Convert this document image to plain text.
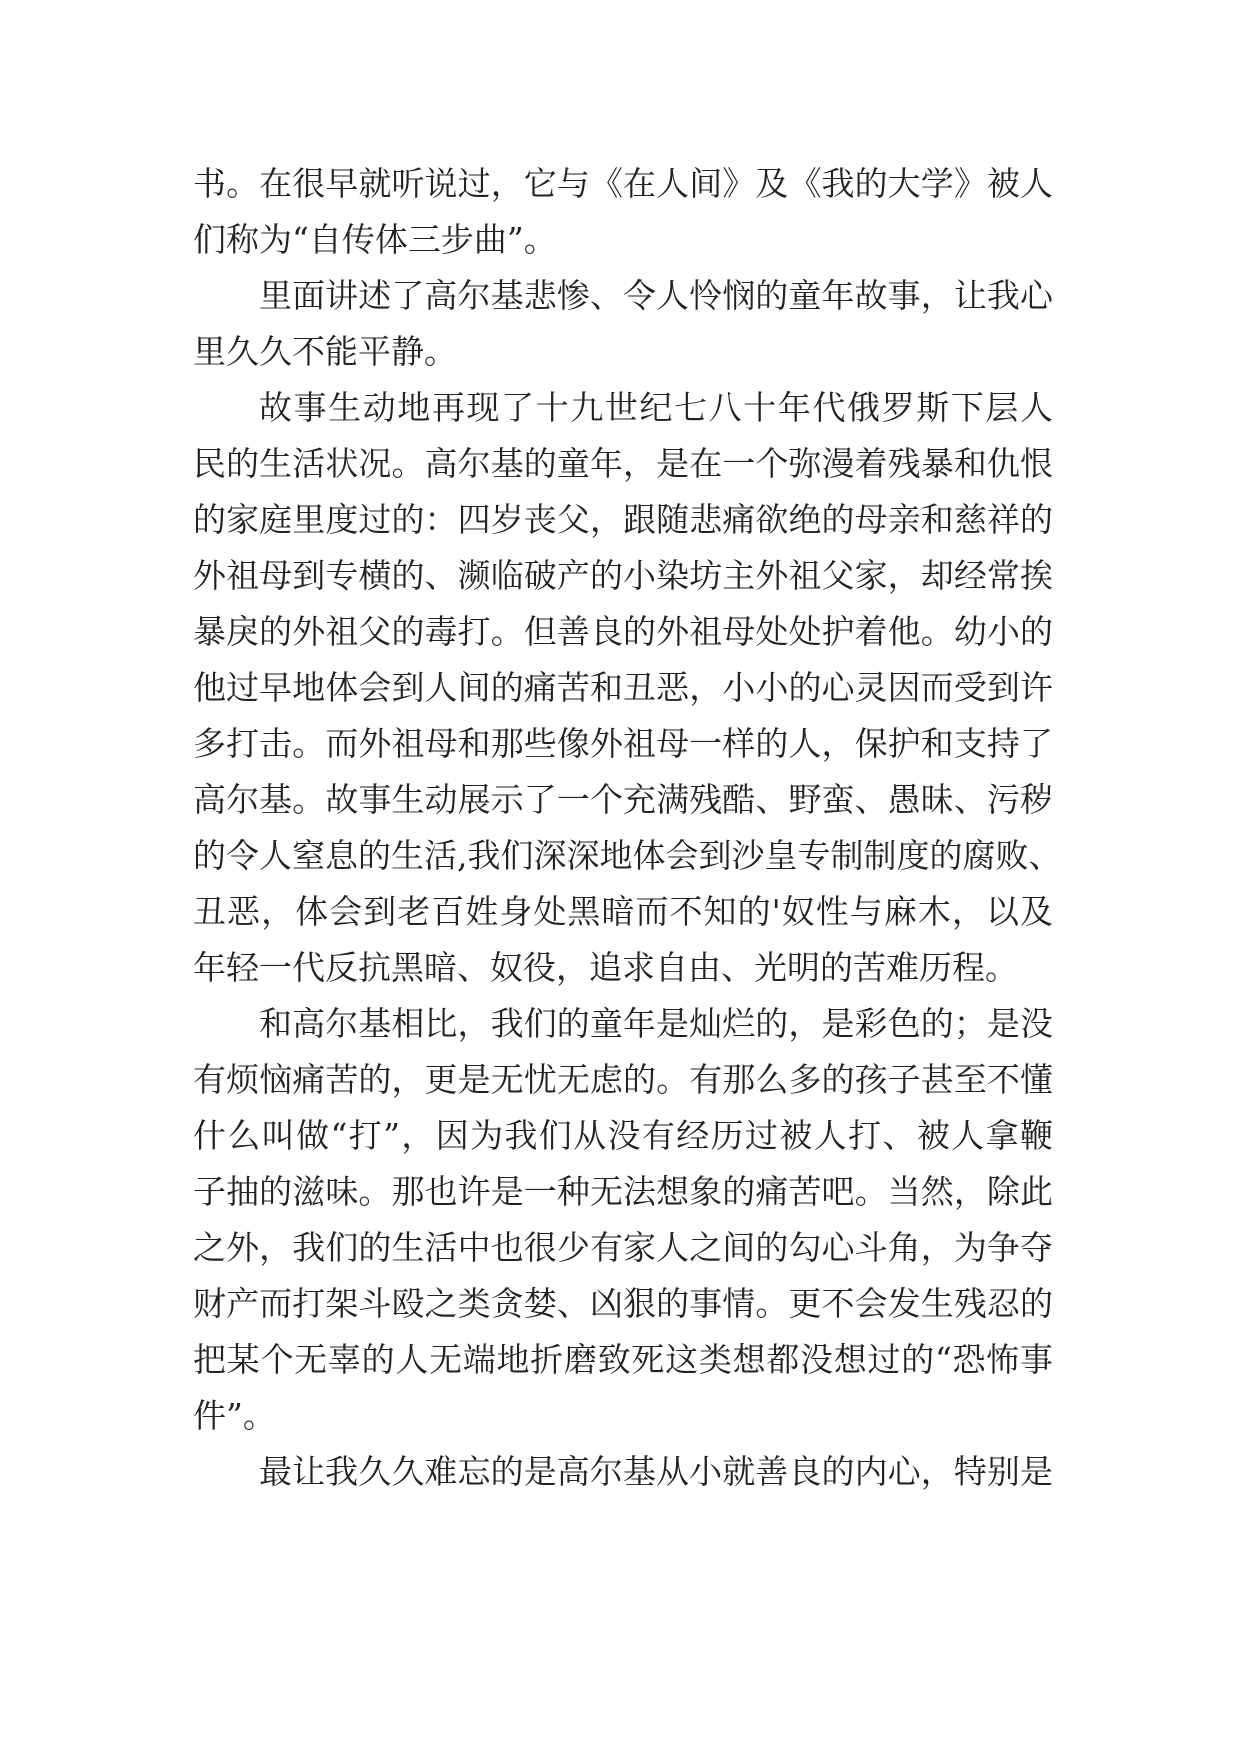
书。在很早就听说过，它与《在人间》及《我的大学》被人
们称为“自传体三步曲”。
里面讲述了高尔基悲惨、令人怜悯的童年故事，让我心
里久久不能平静。
故事生动地再现了十九世纪七八十年代俄罗斯下层人
民的生活状况。高尔基的童年，是在一个弥漫着残暴和仇恨
的家庭里度过的：四岁丧父，跟随悲痛欲绝的母亲和慈祥的
外祖母到专横的、濒临破产的小染坊主外祖父家，却经常挨
暴戾的外祖父的毒打。但善良的外祖母处处护着他。幼小的
他过早地体会到人间的痛苦和丑恶，小小的心灵因而受到许
多打击。而外祖母和那些像外祖母一样的人，保护和支持了
高尔基。故事生动展示了一个充满残酷、野蛮、愚昧、污秽
的令人窒息的生活,我们深深地体会到沙皇专制制度的腐败、
丑恶，体会到老百姓身处黑暗而不知的'奴性与麻木，以及
年轻一代反抗黑暗、奴役，追求自由、光明的苦难历程。
和高尔基相比，我们的童年是灿烂的，是彩色的；是没
有烦恼痛苦的，更是无忧无虑的。有那么多的孩子甚至不懂
什么叫做“打”，因为我们从没有经历过被人打、被人拿鞭
子抽的滋味。那也许是一种无法想象的痛苦吧。当然，除此
之外，我们的生活中也很少有家人之间的勾心斗角，为争夺
财产而打架斗殴之类贪婪、凶狠的事情。更不会发生残忍的
把某个无辜的人无端地折磨致死这类想都没想过的“恐怖事
件”。
最让我久久难忘的是高尔基从小就善良的内心，特别是
